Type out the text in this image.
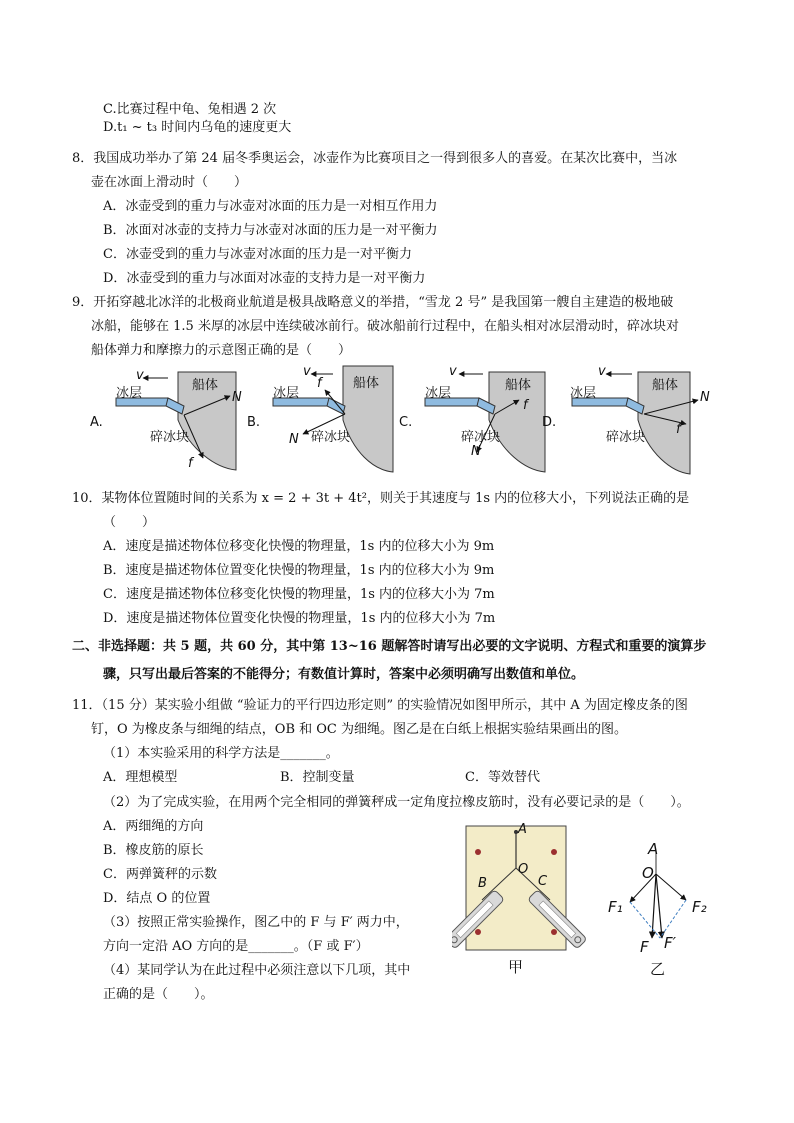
C.比赛过程中龟、兔相遇 2 次
D.t₁ ~ t₃ 时间内乌龟的速度更大
8．我国成功举办了第 24 届冬季奥运会，冰壶作为比赛项目之一得到很多人的喜爱。在某次比赛中，当冰
壶在冰面上滑动时（　　）
A．冰壶受到的重力与冰壶对冰面的压力是一对相互作用力
B．冰面对冰壶的支持力与冰壶对冰面的压力是一对平衡力
C．冰壶受到的重力与冰壶对冰面的压力是一对平衡力
D．冰壶受到的重力与冰面对冰壶的支持力是一对平衡力
9．开拓穿越北冰洋的北极商业航道是极具战略意义的举措，“雪龙 2 号” 是我国第一艘自主建造的极地破
冰船，能够在 1.5 米厚的冰层中连续破冰前行。破冰船前行过程中，在船头相对冰层滑动时，碎冰块对
船体弹力和摩擦力的示意图正确的是（　　）
A.
冰层
船体
碎冰块
v
N
f
B.
冰层
船体
碎冰块
v
N
f
C.
冰层
船体
碎冰块
v
N
f
D.
冰层
船体
碎冰块
v
N
f
10．某物体位置随时间的关系为 x = 2 + 3t + 4t²，则关于其速度与 1s 内的位移大小，下列说法正确的是
（　　）
A．速度是描述物体位移变化快慢的物理量，1s 内的位移大小为 9m
B．速度是描述物体位置变化快慢的物理量，1s 内的位移大小为 9m
C．速度是描述物体位移变化快慢的物理量，1s 内的位移大小为 7m
D．速度是描述物体位置变化快慢的物理量，1s 内的位移大小为 7m
二、非选择题：共 5 题，共 60 分，其中第 13~16 题解答时请写出必要的文字说明、方程式和重要的演算步
骤，只写出最后答案的不能得分；有数值计算时，答案中必须明确写出数值和单位。
11．（15 分）某实验小组做 “验证力的平行四边形定则” 的实验情况如图甲所示，其中 A 为固定橡皮条的图
钉，O 为橡皮条与细绳的结点，OB 和 OC 为细绳。图乙是在白纸上根据实验结果画出的图。
（1）本实验采用的科学方法是_______。
A．理想模型	B．控制变量	C．等效替代
（2）为了完成实验，在用两个完全相同的弹簧秤成一定角度拉橡皮筋时，没有必要记录的是（　　）。
A．两细绳的方向
B．橡皮筋的原长
C．两弹簧秤的示数
D．结点 O 的位置
（3）按照正常实验操作，图乙中的 F 与 F′ 两力中，
方向一定沿 AO 方向的是_______。（F 或 F′）
（4）某同学认为在此过程中必须注意以下几项，其中
正确的是（　　）。
A
B	C
O
甲
A
O
F₁	F₂
F F′
乙
